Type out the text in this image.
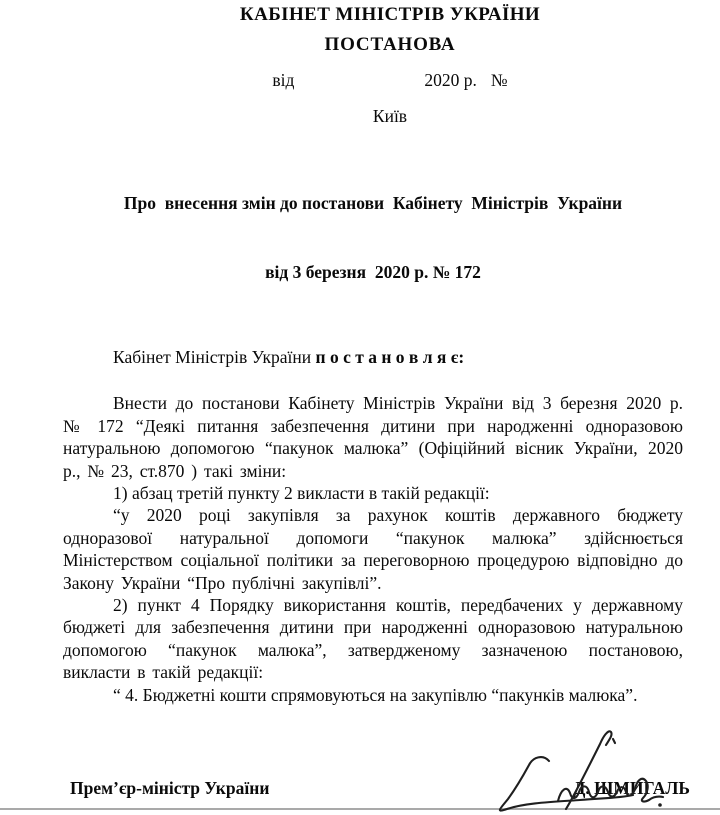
КАБІНЕТ МІНІСТРІВ УКРАЇНИ
ПОСТАНОВА
від	2020 р. №
Київ

Про  внесення змін до постанови  Кабінету  Міністрів  України

від 3 березня  2020 р. № 172

Кабінет Міністрів України п о с т а н о в л я є:

Внести до постанови Кабінету Міністрів України від 3 березня 2020 р. № 172 “Деякі питання забезпечення дитини при народженні одноразовою натуральною допомогою “пакунок малюка” (Офіційний вісник України, 2020 р., № 23, ст.870 ) такі зміни:

1) абзац третій пункту 2 викласти в такій редакції:

“у 2020 році закупівля за рахунок коштів державного бюджету одноразової натуральної допомоги “пакунок малюка” здійснюється Міністерством соціальної політики за переговорною процедурою відповідно до Закону України “Про публічні закупівлі”.

2) пункт 4 Порядку використання коштів, передбачених у державному бюджеті для забезпечення дитини при народженні одноразовою натуральною допомогою “пакунок малюка”, затвердженому зазначеною постановою, викласти в такій редакції:

“ 4. Бюджетні кошти спрямовуються на закупівлю “пакунків малюка”.

Прем’єр-міністр України	Д. ШМИГАЛЬ
